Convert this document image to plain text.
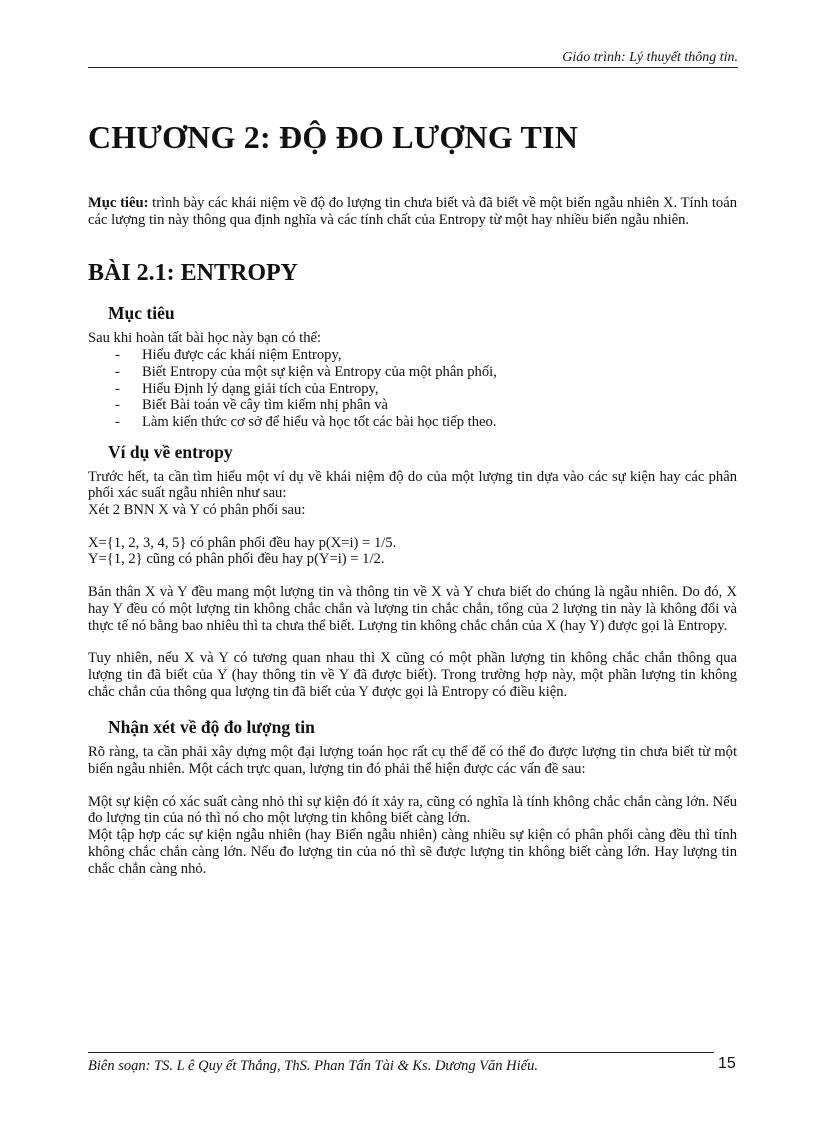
Giáo trình: Lý thuyết thông tin.
CHƯƠNG 2: ĐỘ ĐO LƯỢNG TIN

Mục tiêu: trình bày các khái niệm về độ đo lượng tin chưa biết và đã biết về một biến ngẫu nhiên X. Tính toán các lượng tin này thông qua định nghĩa và các tính chất của Entropy từ một hay nhiều biến ngẫu nhiên.

BÀI 2.1: ENTROPY
Mục tiêu

Sau khi hoàn tất bài học này bạn có thể:

- Hiểu được các khái niệm Entropy,
- Biết Entropy của một sự kiện và Entropy của một phân phối,
- Hiểu Định lý dạng giải tích của Entropy,
- Biết Bài toán về cây tìm kiếm nhị phân và
- Làm kiến thức cơ sở để hiểu và học tốt các bài học tiếp theo.
Ví dụ về entropy

Trước hết, ta cần tìm hiểu một ví dụ về khái niệm độ do của một lượng tin dựa vào các sự kiện hay các phân phối xác suất ngẫu nhiên như sau:

Xét 2 BNN X và Y có phân phối sau:

X={1, 2, 3, 4, 5} có phân phối đều hay p(X=i) = 1/5.

Y={1, 2} cũng có phân phối đều hay p(Y=i) = 1/2.

Bản thân X và Y đều mang một lượng tin và thông tin về X và Y chưa biết do chúng là ngẫu nhiên. Do đó, X hay Y đều có một lượng tin không chắc chắn và lượng tin chắc chắn, tổng của 2 lượng tin này là không đổi và thực tế nó bằng bao nhiêu thì ta chưa thể biết. Lượng tin không chắc chắn của X (hay Y) được gọi là Entropy.

Tuy nhiên, nếu X và Y có tương quan nhau thì X cũng có một phần lượng tin không chắc chắn thông qua lượng tin đã biết của Y (hay thông tin về Y đã được biết). Trong trường hợp này, một phần lượng tin không chắc chắn của thông qua lượng tin đã biết của Y được gọi là Entropy có điều kiện.

Nhận xét về độ đo lượng tin

Rõ ràng, ta cần phải xây dựng một đại lượng toán học rất cụ thể để có thể đo được lượng tin chưa biết từ một biến ngẫu nhiên. Một cách trực quan, lượng tin đó phải thể hiện được các vấn đề sau:

Một sự kiện có xác suất càng nhỏ thì sự kiện đó ít xảy ra, cũng có nghĩa là tính không chắc chắn càng lớn. Nếu đo lượng tin của nó thì nó cho một lượng tin không biết càng lớn.

Một tập hợp các sự kiện ngẫu nhiên (hay Biến ngẫu nhiên) càng nhiều sự kiện có phân phối càng đều thì tính không chắc chắn càng lớn. Nếu đo lượng tin của nó thì sẽ được lượng tin không biết càng lớn. Hay lượng tin chắc chắn càng nhỏ.

Biên soạn: TS. L ê Quy ết Thắng, ThS. Phan Tấn Tài & Ks. Dương Văn Hiếu.	15
